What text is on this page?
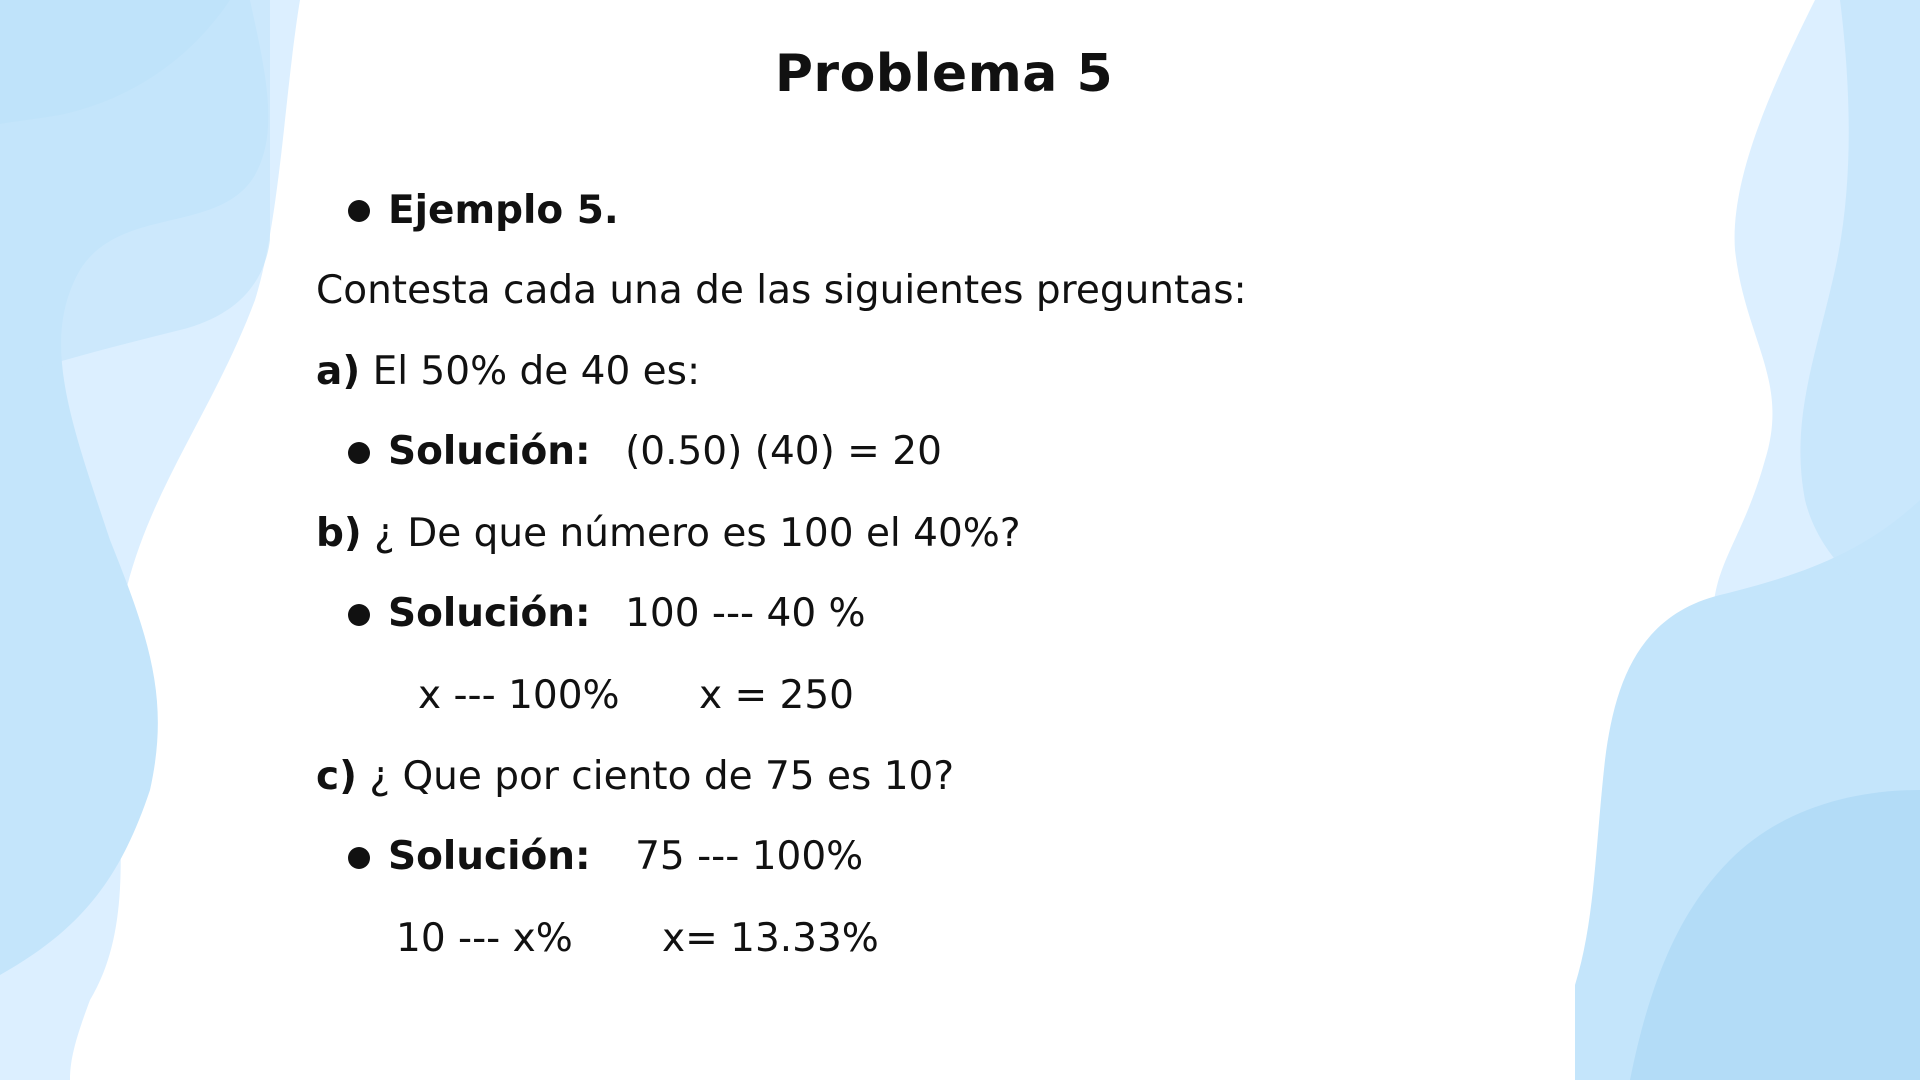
Problema 5
Ejemplo 5.
Contesta cada una de las siguientes preguntas:
a) El 50% de 40 es:
Solución: (0.50) (40) = 20
b) ¿ De que número es 100 el 40%?
Solución: 100 --- 40 %
x --- 100% x = 250
c) ¿ Que por ciento de 75 es 10?
Solución: 75 --- 100%
10 --- x% x= 13.33%
